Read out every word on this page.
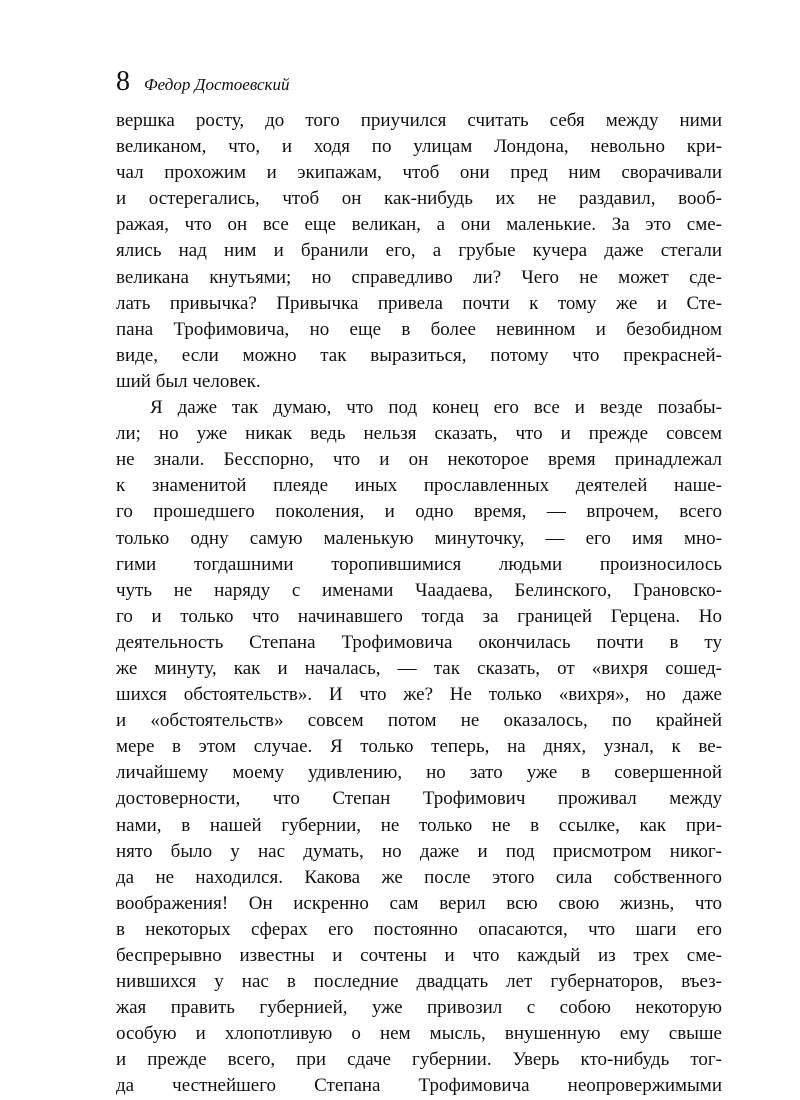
8 Федор Достоевский
вершка росту, до того приучился считать себя между ними
великаном, что, и ходя по улицам Лондона, невольно кри-
чал прохожим и экипажам, чтоб они пред ним сворачивали
и остерегались, чтоб он как-нибудь их не раздавил, вооб-
ражая, что он все еще великан, а они маленькие. За это сме-
ялись над ним и бранили его, а грубые кучера даже стегали
великана кнутьями; но справедливо ли? Чего не может сде-
лать привычка? Привычка привела почти к тому же и Сте-
пана Трофимовича, но еще в более невинном и безобидном
виде, если можно так выразиться, потому что прекрасней-
ший был человек.
Я даже так думаю, что под конец его все и везде позабы-
ли; но уже никак ведь нельзя сказать, что и прежде совсем
не знали. Бесспорно, что и он некоторое время принадлежал
к знаменитой плеяде иных прославленных деятелей наше-
го прошедшего поколения, и одно время, — впрочем, всего
только одну самую маленькую минуточку, — его имя мно-
гими тогдашними торопившимися людьми произносилось
чуть не наряду с именами Чаадаева, Белинского, Грановско-
го и только что начинавшего тогда за границей Герцена. Но
деятельность Степана Трофимовича окончилась почти в ту
же минуту, как и началась, — так сказать, от «вихря сошед-
шихся обстоятельств». И что же? Не только «вихря», но даже
и «обстоятельств» совсем потом не оказалось, по крайней
мере в этом случае. Я только теперь, на днях, узнал, к ве-
личайшему моему удивлению, но зато уже в совершенной
достоверности, что Степан Трофимович проживал между
нами, в нашей губернии, не только не в ссылке, как при-
нято было у нас думать, но даже и под присмотром никог-
да не находился. Какова же после этого сила собственного
воображения! Он искренно сам верил всю свою жизнь, что
в некоторых сферах его постоянно опасаются, что шаги его
беспрерывно известны и сочтены и что каждый из трех сме-
нившихся у нас в последние двадцать лет губернаторов, въез-
жая править губернией, уже привозил с собою некоторую
особую и хлопотливую о нем мысль, внушенную ему свыше
и прежде всего, при сдаче губернии. Уверь кто-нибудь тог-
да честнейшего Степана Трофимовича неопровержимыми
